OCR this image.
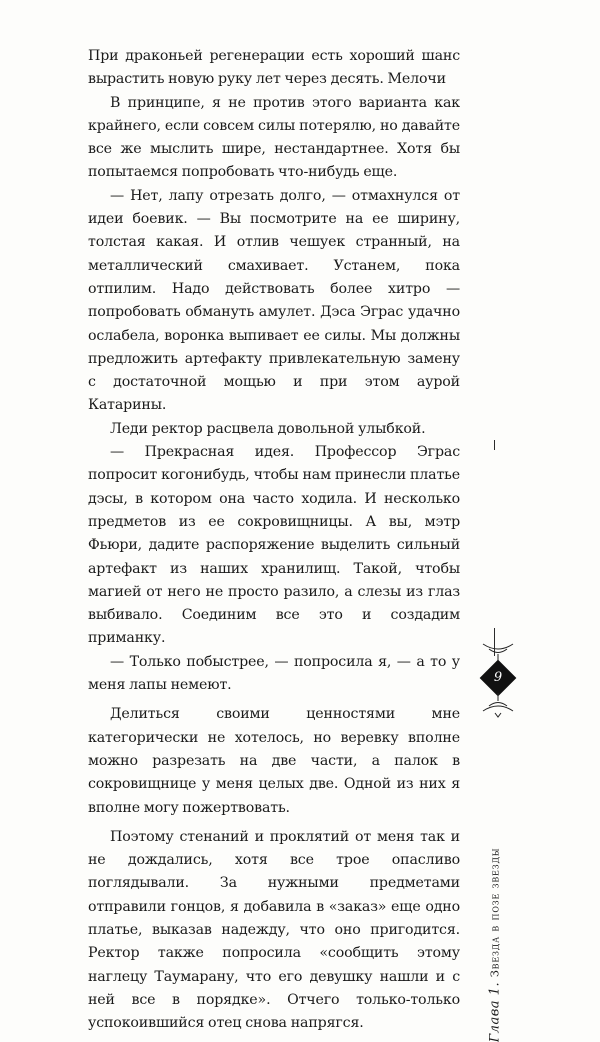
При драконьей регенерации есть хороший шанс вырастить новую руку лет через десять. Мелочи

В принципе, я не против этого варианта как крайнего, если совсем силы потерялю, но давайте все же мыслить шире, нестандартнее. Хотя бы попытаемся попробовать что-нибудь еще.

— Нет, лапу отрезать долго, — отмахнулся от идеи боевик. — Вы посмотрите на ее ширину, толстая какая. И отлив чешуек странный, на металлический смахивает. Устанем, пока отпилим. Надо действовать более хитро — попробовать обмануть амулет. Дэса Эграс удачно ослабела, воронка выпивает ее силы. Мы должны предложить артефакту привлекательную замену с достаточной мощью и при этом аурой Катарины.

Леди ректор расцвела довольной улыбкой.

— Прекрасная идея. Профессор Эграс попросит когонибудь, чтобы нам принесли платье дэсы, в котором она часто ходила. И несколько предметов из ее сокровищницы. А вы, мэтр Фьюри, дадите распоряжение выделить сильный артефакт из наших хранилищ. Такой, чтобы магией от него не просто разило, а слезы из глаз выбивало. Соединим все это и создадим приманку.

— Только побыстрее, — попросила я, — а то у меня лапы немеют.

Делиться своими ценностями мне категорически не хотелось, но веревку вполне можно разрезать на две части, а палок в сокровищнице у меня целых две. Одной из них я вполне могу пожертвовать.

Поэтому стенаний и проклятий от меня так и не дождались, хотя все трое опасливо поглядывали. За нужными предметами отправили гонцов, я добавила в «заказ» еще одно платье, выказав надежду, что оно пригодится. Ректор также попросила «сообщить этому наглецу Таумарану, что его девушку нашли и с ней все в порядке». Отчего только-только успокоившийся отец снова напрягся.	Глава 1. Звезда в позе звезды
9
